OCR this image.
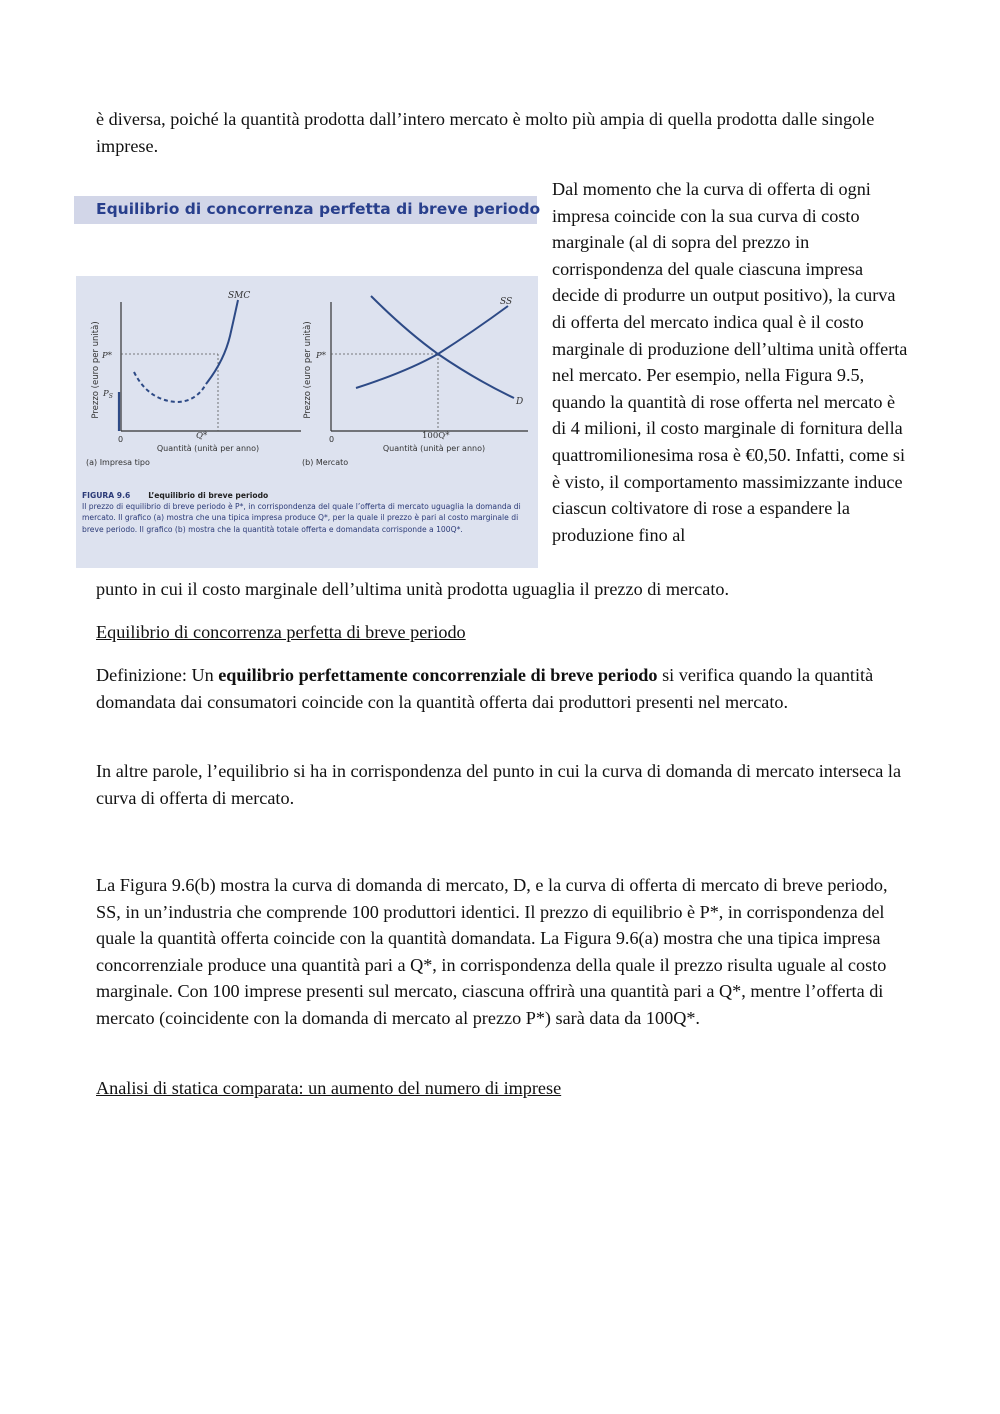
è diversa, poiché la quantità prodotta dall’intero mercato è molto più ampia di quella prodotta dalle singole imprese.

Equilibrio di concorrenza perfetta di breve periodo
Prezzo (euro per unità)
SMC
P*
$P_S$
0	Q*
Quantità (unità per anno)
(a) Impresa tipo
Prezzo (euro per unità)
SS
D
P*
0	100Q*
Quantità (unità per anno)
(b) Mercato
FIGURA 9.6 L’equilibrio di breve periodo
Il prezzo di equilibrio di breve periodo è P*, in corrispondenza del quale l’offerta di mercato uguaglia la domanda di mercato. Il grafico (a) mostra che una tipica impresa produce Q*, per la quale il prezzo è pari al costo marginale di breve periodo. Il grafico (b) mostra che la quantità totale offerta e domandata corrisponde a 100Q*.

Dal momento che la curva di offerta di ogni impresa coincide con la sua curva di costo marginale (al di sopra del prezzo in corrispondenza del quale ciascuna impresa decide di produrre un output positivo), la curva di offerta del mercato indica qual è il costo marginale di produzione dell’ultima unità offerta nel mercato. Per esempio, nella Figura 9.5, quando la quantità di rose offerta nel mercato è di 4 milioni, il costo marginale di fornitura della quattromilionesima rosa è €0,50. Infatti, come si è visto, il comportamento massimizzante induce ciascun coltivatore di rose a espandere la produzione fino al

punto in cui il costo marginale dell’ultima unità prodotta uguaglia il prezzo di mercato.

Equilibrio di concorrenza perfetta di breve periodo

Definizione: Un equilibrio perfettamente concorrenziale di breve periodo si verifica quando la quantità domandata dai consumatori coincide con la quantità offerta dai produttori presenti nel mercato.

In altre parole, l’equilibrio si ha in corrispondenza del punto in cui la curva di domanda di mercato interseca la curva di offerta di mercato.

La Figura 9.6(b) mostra la curva di domanda di mercato, D, e la curva di offerta di mercato di breve periodo, SS, in un’industria che comprende 100 produttori identici. Il prezzo di equilibrio è P*, in corrispondenza del quale la quantità offerta coincide con la quantità domandata. La Figura 9.6(a) mostra che una tipica impresa concorrenziale produce una quantità pari a Q*, in corrispondenza della quale il prezzo risulta uguale al costo marginale. Con 100 imprese presenti sul mercato, ciascuna offrirà una quantità pari a Q*, mentre l’offerta di mercato (coincidente con la domanda di mercato al prezzo P*) sarà data da 100Q*.

Analisi di statica comparata: un aumento del numero di imprese
